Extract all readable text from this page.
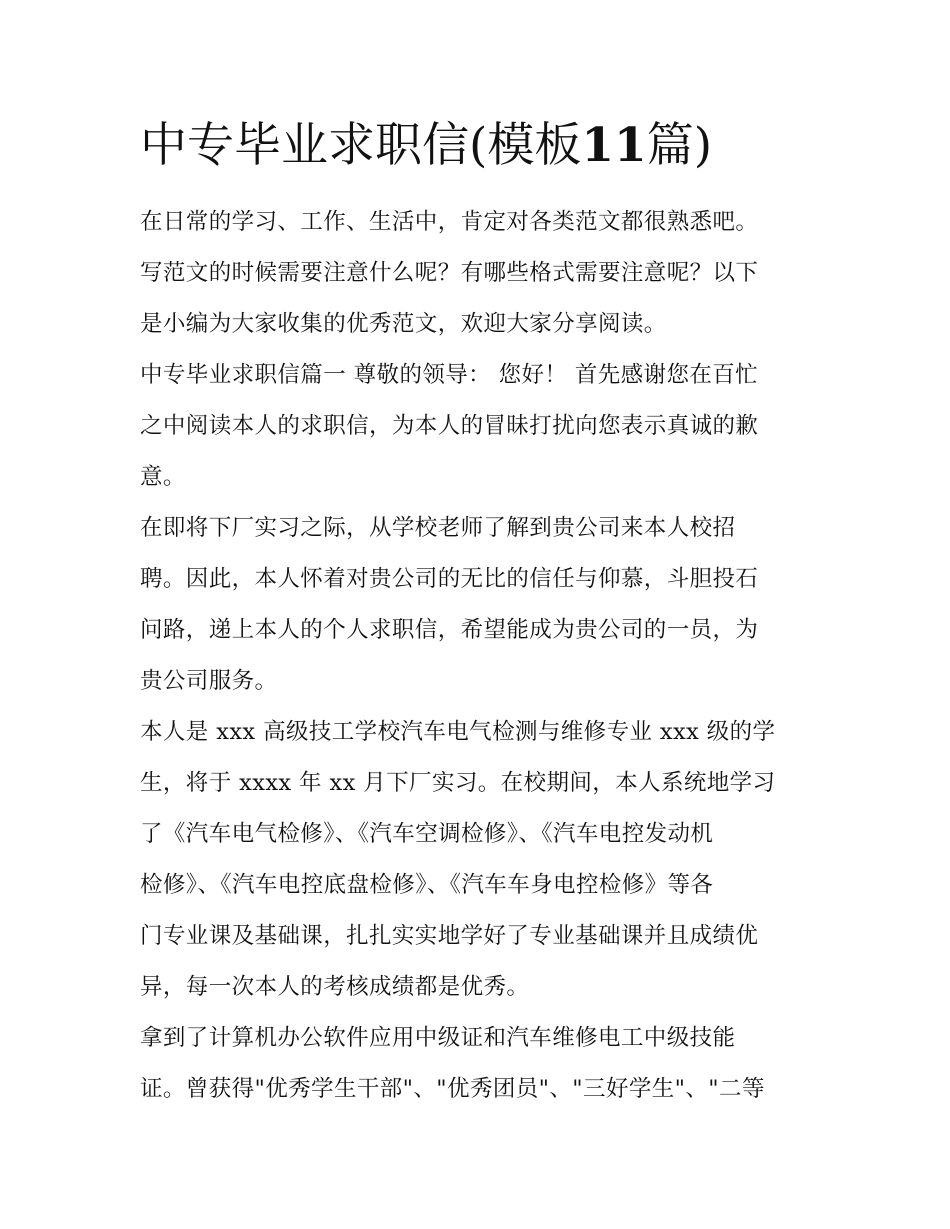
中专毕业求职信(模板11篇)

在日常的学习、工作、生活中，肯定对各类范文都很熟悉吧。
写范文的时候需要注意什么呢？有哪些格式需要注意呢？以下
是小编为大家收集的优秀范文，欢迎大家分享阅读。

中专毕业求职信篇一 尊敬的领导： 您好！ 首先感谢您在百忙
之中阅读本人的求职信，为本人的冒昧打扰向您表示真诚的歉
意。

在即将下厂实习之际，从学校老师了解到贵公司来本人校招
聘。因此，本人怀着对贵公司的无比的信任与仰慕，斗胆投石
问路，递上本人的个人求职信，希望能成为贵公司的一员，为
贵公司服务。

本人是 xxx 高级技工学校汽车电气检测与维修专业 xxx 级的学
生，将于 xxxx 年 xx 月下厂实习。在校期间，本人系统地学习
了《汽车电气检修》、《汽车空调检修》、《汽车电控发动机
检修》、《汽车电控底盘检修》、《汽车车身电控检修》等各
门专业课及基础课，扎扎实实地学好了专业基础课并且成绩优
异，每一次本人的考核成绩都是优秀。

拿到了计算机办公软件应用中级证和汽车维修电工中级技能
证。曾获得"优秀学生干部"、"优秀团员"、"三好学生"、"二等
